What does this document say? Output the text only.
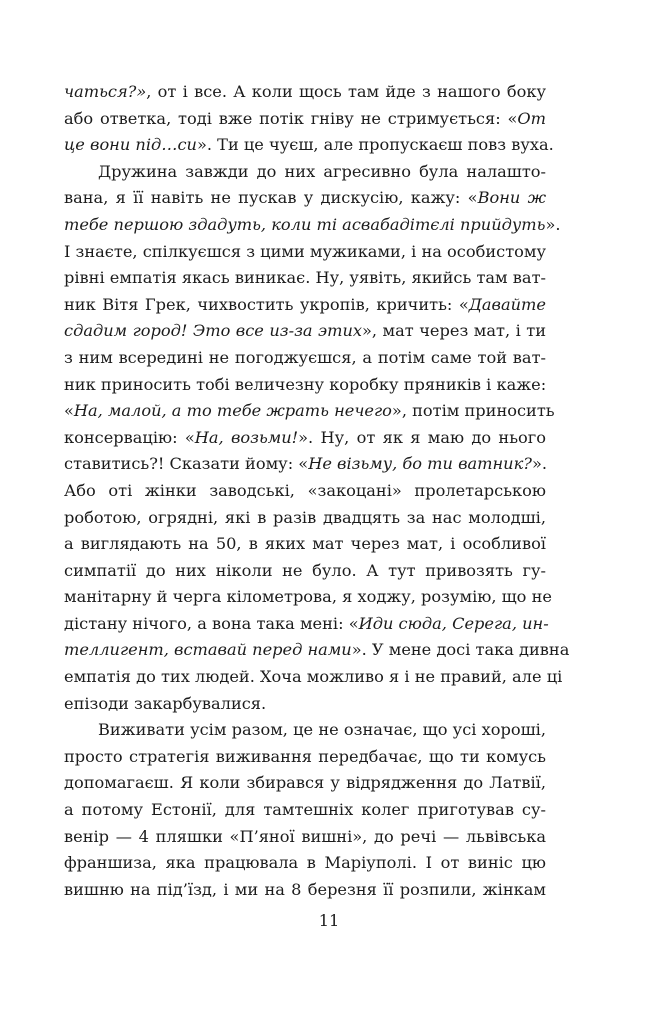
чаться?», от і все. А коли щось там йде з нашого боку
або ответка, тоді вже потік гніву не стримується: «От
це вони під…си». Ти це чуєш, але пропускаєш повз вуха.
Дружина завжди до них агресивно була налашто-
вана, я її навіть не пускав у дискусію, кажу: «Вони ж
тебе першою здадуть, коли ті асвабадітєлі прийдуть».
І знаєте, спілкуєшся з цими мужиками, і на особистому
рівні емпатія якась виникає. Ну, уявіть, якийсь там ват-
ник Вітя Грек, чихвостить укропів, кричить: «Давайте
сдадим город! Это все из-за этих», мат через мат, і ти
з ним всередині не погоджуєшся, а потім саме той ват-
ник приносить тобі величезну коробку пряників і каже:
«На, малой, а то тебе жрать нечего», потім приносить
консервацію: «На, возьми!». Ну, от як я маю до нього
ставитись?! Сказати йому: «Не візьму, бо ти ватник?».
Або оті жінки заводські, «закоцані» пролетарською
роботою, огрядні, які в разів двадцять за нас молодші,
а виглядають на 50, в яких мат через мат, і особливої
симпатії до них ніколи не було. А тут привозять гу-
манітарну й черга кілометрова, я ходжу, розумію, що не
дістану нічого, а вона така мені: «Иди сюда, Серега, ин-
теллигент, вставай перед нами». У мене досі така дивна
емпатія до тих людей. Хоча можливо я і не правий, але ці
епізоди закарбувалися.
Виживати усім разом, це не означає, що усі хороші,
просто стратегія виживання передбачає, що ти комусь
допомагаєш. Я коли збирався у відрядження до Латвії,
а потому Естонії, для тамтешніх колег приготував су-
венір — 4 пляшки «П’яної вишні», до речі — львівська
франшиза, яка працювала в Маріуполі. І от виніс цю
вишню на під’їзд, і ми на 8 березня її розпили, жінкам
11
